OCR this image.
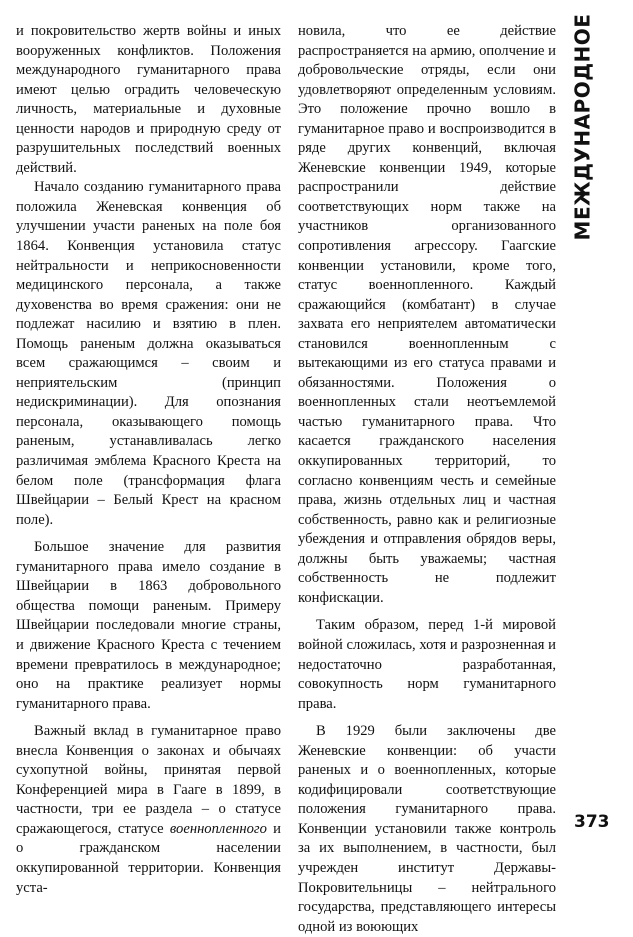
и покровительство жертв войны и иных вооруженных конфликтов. Положения международного гуманитарного права имеют целью оградить человеческую личность, материальные и духовные ценности народов и природную среду от разрушительных последствий военных действий.

Начало созданию гуманитарного права положила Женевская конвенция об улучшении участи раненых на поле боя 1864. Конвенция установила статус нейтральности и неприкосновенности медицинского персонала, а также духовенства во время сражения: они не подлежат насилию и взятию в плен. Помощь раненым должна оказываться всем сражающимся – своим и неприятельским (принцип недискриминации). Для опознания персонала, оказывающего помощь раненым, устанавливалась легко различимая эмблема Красного Креста на белом поле (трансформация флага Швейцарии – Белый Крест на красном поле).

Большое значение для развития гуманитарного права имело создание в Швейцарии в 1863 добровольного общества помощи раненым. Примеру Швейцарии последовали многие страны, и движение Красного Креста с течением времени превратилось в международное; оно на практике реализует нормы гуманитарного права.

Важный вклад в гуманитарное право внесла Конвенция о законах и обычаях сухопутной войны, принятая первой Конференцией мира в Гааге в 1899, в частности, три ее раздела – о статусе сражающегося, статусе военнопленного и о гражданском населении оккупированной территории. Конвенция уста-

новила, что ее действие распространяется на армию, ополчение и добровольческие отряды, если они удовлетворяют определенным условиям. Это положение прочно вошло в гуманитарное право и воспроизводится в ряде других конвенций, включая Женевские конвенции 1949, которые распространили действие соответствующих норм также на участников организованного сопротивления агрессору. Гаагские конвенции установили, кроме того, статус военнопленного. Каждый сражающийся (комбатант) в случае захвата его неприятелем автоматически становился военнопленным с вытекающими из его статуса правами и обязанностями. Положения о военнопленных стали неотъемлемой частью гуманитарного права. Что касается гражданского населения оккупированных территорий, то согласно конвенциям честь и семейные права, жизнь отдельных лиц и частная собственность, равно как и религиозные убеждения и отправления обрядов веры, должны быть уважаемы; частная собственность не подлежит конфискации.

Таким образом, перед 1-й мировой войной сложилась, хотя и разрозненная и недостаточно разработанная, совокупность норм гуманитарного права.

В 1929 были заключены две Женевские конвенции: об участи раненых и о военнопленных, которые кодифицировали соответствующие положения гуманитарного права. Конвенции установили также контроль за их выполнением, в частности, был учрежден институт Державы-Покровительницы – нейтрального государства, представляющего интересы одной из воюющих

МЕЖДУНАРОДНОЕ
373
